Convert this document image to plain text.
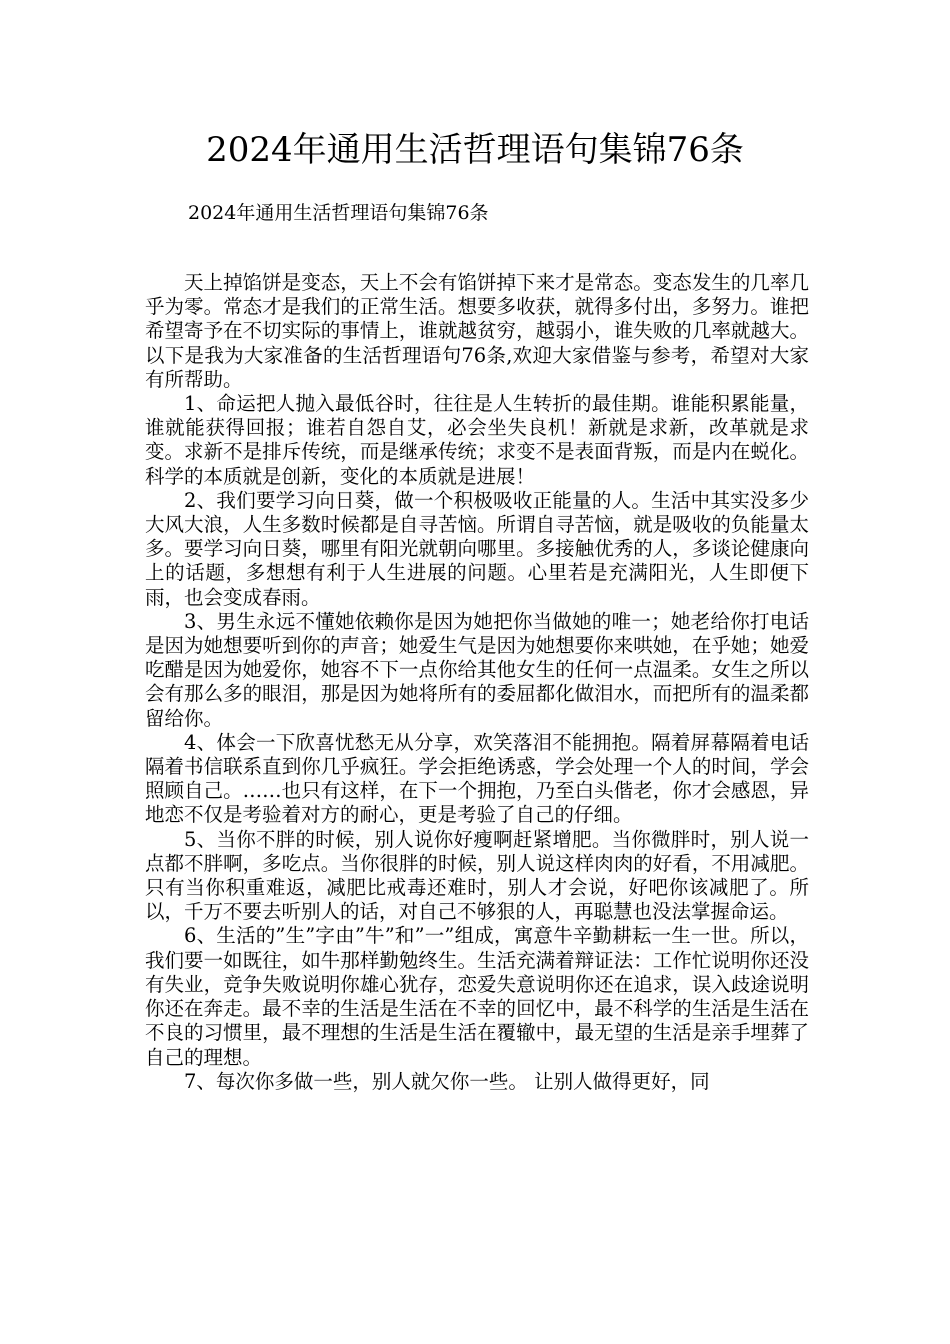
2024年通用生活哲理语句集锦76条
2024年通用生活哲理语句集锦76条

天上掉馅饼是变态，天上不会有馅饼掉下来才是常态。变态发生的几率几乎为零。常态才是我们的正常生活。想要多收获，就得多付出，多努力。谁把希望寄予在不切实际的事情上，谁就越贫穷，越弱小，谁失败的几率就越大。以下是我为大家准备的生活哲理语句76条,欢迎大家借鉴与参考，希望对大家有所帮助。

1、命运把人抛入最低谷时，往往是人生转折的最佳期。谁能积累能量，谁就能获得回报；谁若自怨自艾，必会坐失良机！新就是求新，改革就是求变。求新不是排斥传统，而是继承传统；求变不是表面背叛，而是内在蜕化。科学的本质就是创新，变化的本质就是进展！

2、我们要学习向日葵，做一个积极吸收正能量的人。生活中其实没多少大风大浪，人生多数时候都是自寻苦恼。所谓自寻苦恼，就是吸收的负能量太多。要学习向日葵，哪里有阳光就朝向哪里。多接触优秀的人，多谈论健康向上的话题，多想想有利于人生进展的问题。心里若是充满阳光，人生即便下雨，也会变成春雨。

3、男生永远不懂她依赖你是因为她把你当做她的唯一；她老给你打电话是因为她想要听到你的声音；她爱生气是因为她想要你来哄她，在乎她；她爱吃醋是因为她爱你，她容不下一点你给其他女生的任何一点温柔。女生之所以会有那么多的眼泪，那是因为她将所有的委屈都化做泪水，而把所有的温柔都留给你。

4、体会一下欣喜忧愁无从分享，欢笑落泪不能拥抱。隔着屏幕隔着电话隔着书信联系直到你几乎疯狂。学会拒绝诱惑，学会处理一个人的时间，学会照顾自己。……也只有这样，在下一个拥抱，乃至白头偕老，你才会感恩，异地恋不仅是考验着对方的耐心，更是考验了自己的仔细。

5、当你不胖的时候，别人说你好瘦啊赶紧增肥。当你微胖时，别人说一点都不胖啊，多吃点。当你很胖的时候，别人说这样肉肉的好看，不用减肥。只有当你积重难返，减肥比戒毒还难时，别人才会说，好吧你该减肥了。所以，千万不要去听别人的话，对自己不够狠的人，再聪慧也没法掌握命运。

6、生活的”生”字由”牛”和”一”组成，寓意牛辛勤耕耘一生一世。所以，我们要一如既往，如牛那样勤勉终生。生活充满着辩证法：工作忙说明你还没有失业，竞争失败说明你雄心犹存，恋爱失意说明你还在追求，误入歧途说明你还在奔走。最不幸的生活是生活在不幸的回忆中，最不科学的生活是生活在不良的习惯里，最不理想的生活是生活在覆辙中，最无望的生活是亲手埋葬了自己的理想。

7、每次你多做一些，别人就欠你一些。 让别人做得更好，同
